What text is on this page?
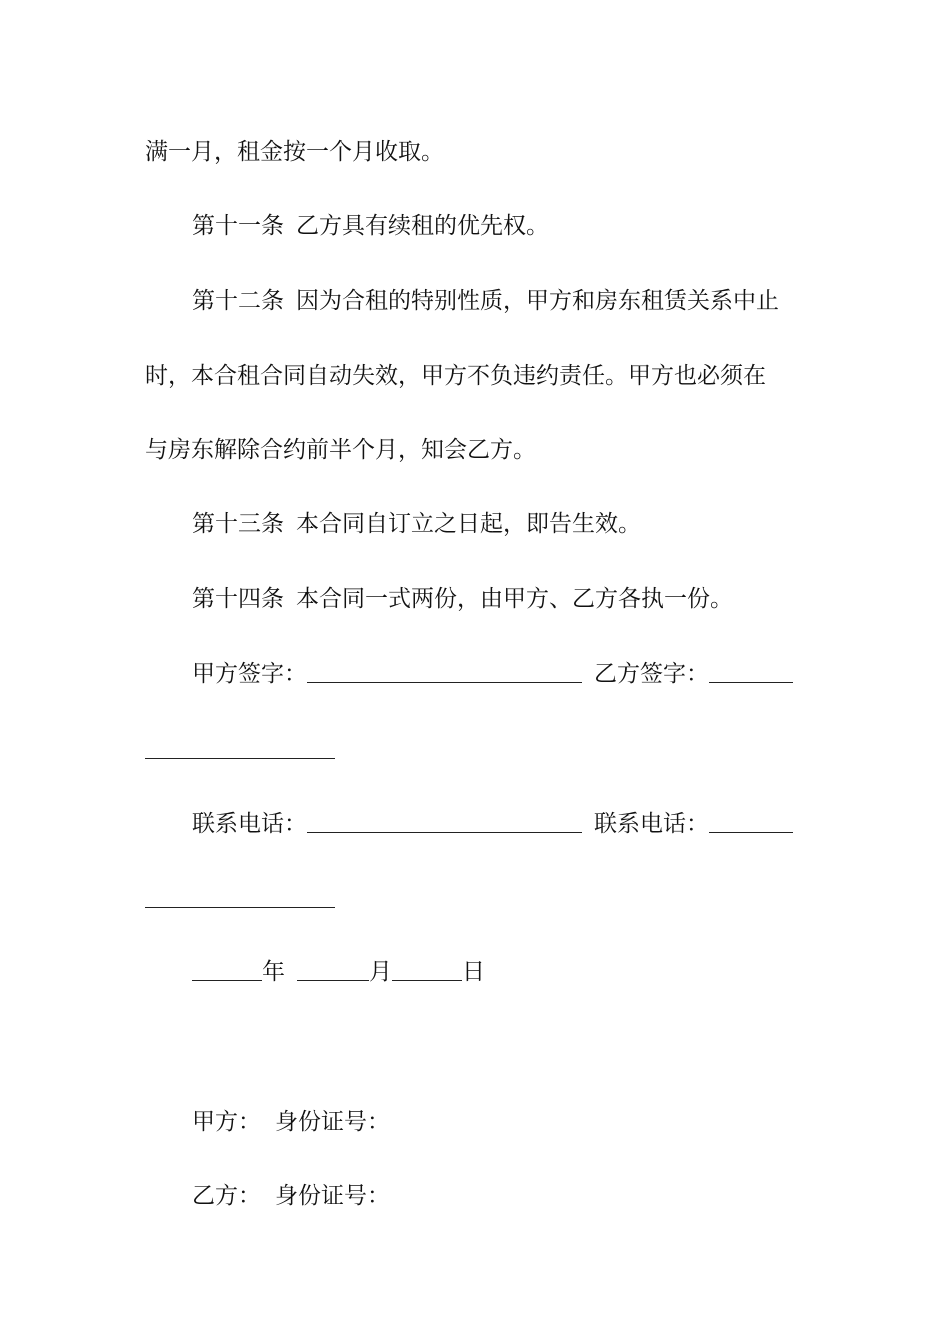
满一月，租金按一个月收取。
第十一条 乙方具有续租的优先权。
第十二条 因为合租的特别性质，甲方和房东租赁关系中止
时，本合租合同自动失效，甲方不负违约责任。甲方也必须在
与房东解除合约前半个月，知会乙方。
第十三条 本合同自订立之日起，即告生效。
第十四条 本合同一式两份，由甲方、乙方各执一份。
甲方签字：	乙方签字：
联系电话：	联系电话：
年	月	日
甲方： 身份证号：
乙方： 身份证号：
